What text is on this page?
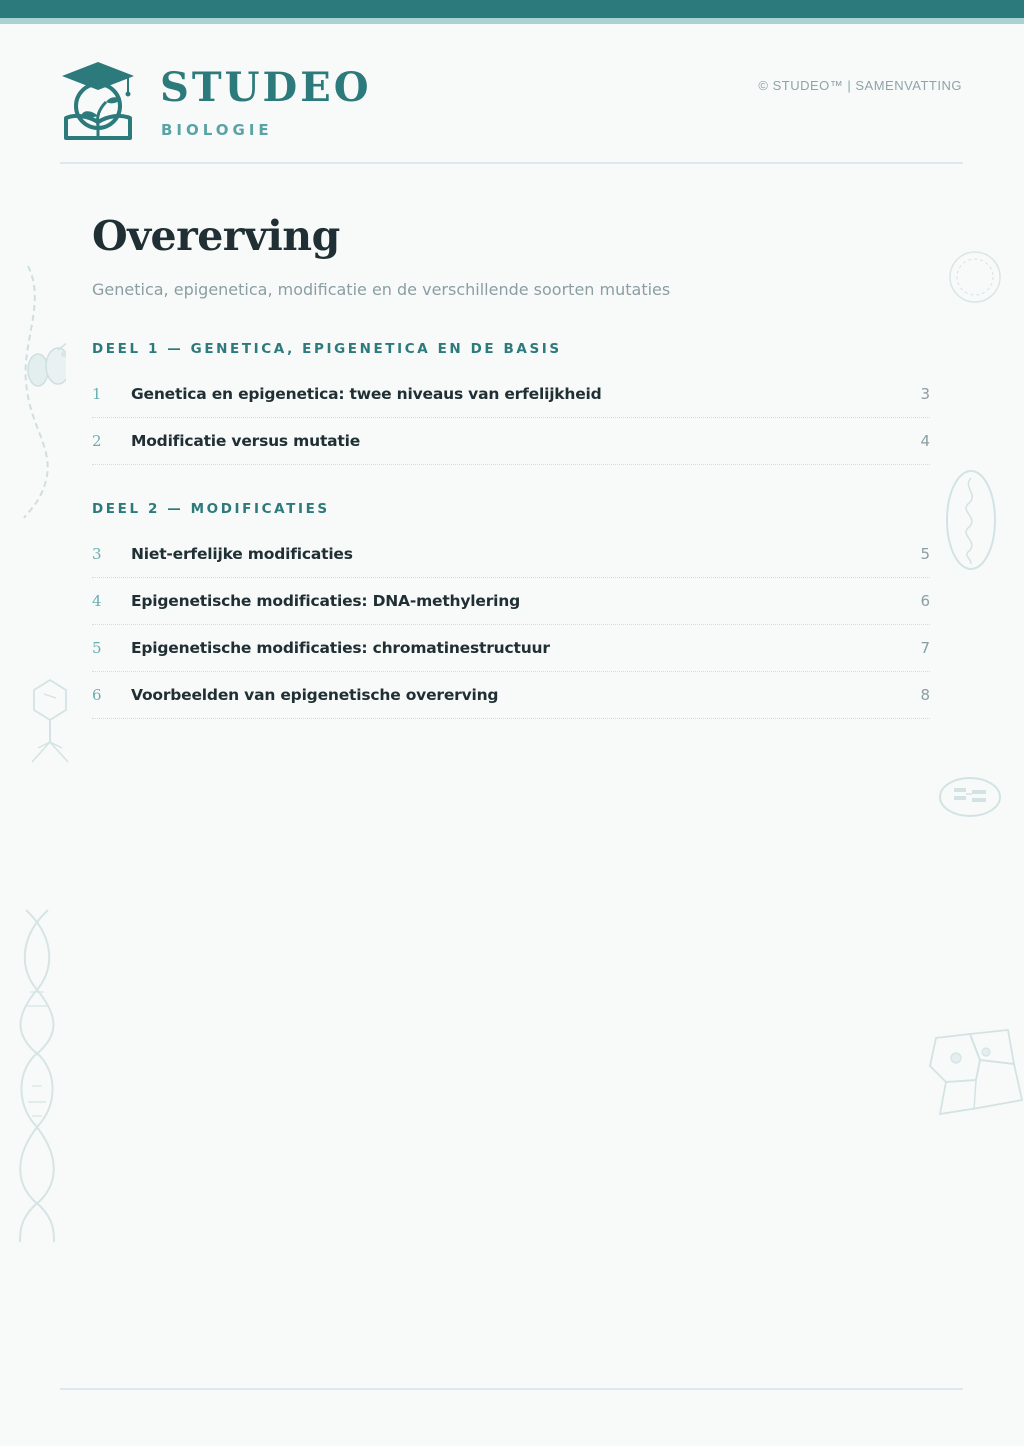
STUDEO
BIOLOGIE
© STUDEO™ | SAMENVATTING
Overerving
Genetica, epigenetica, modificatie en de verschillende soorten mutaties
DEEL 1 — GENETICA, EPIGENETICA EN DE BASIS
1 Genetica en epigenetica: twee niveaus van erfelijkheid	3
2 Modificatie versus mutatie	4
DEEL 2 — MODIFICATIES
3 Niet-erfelijke modificaties	5
4 Epigenetische modificaties: DNA-methylering	6
5 Epigenetische modificaties: chromatinestructuur	7
6 Voorbeelden van epigenetische overerving	8
